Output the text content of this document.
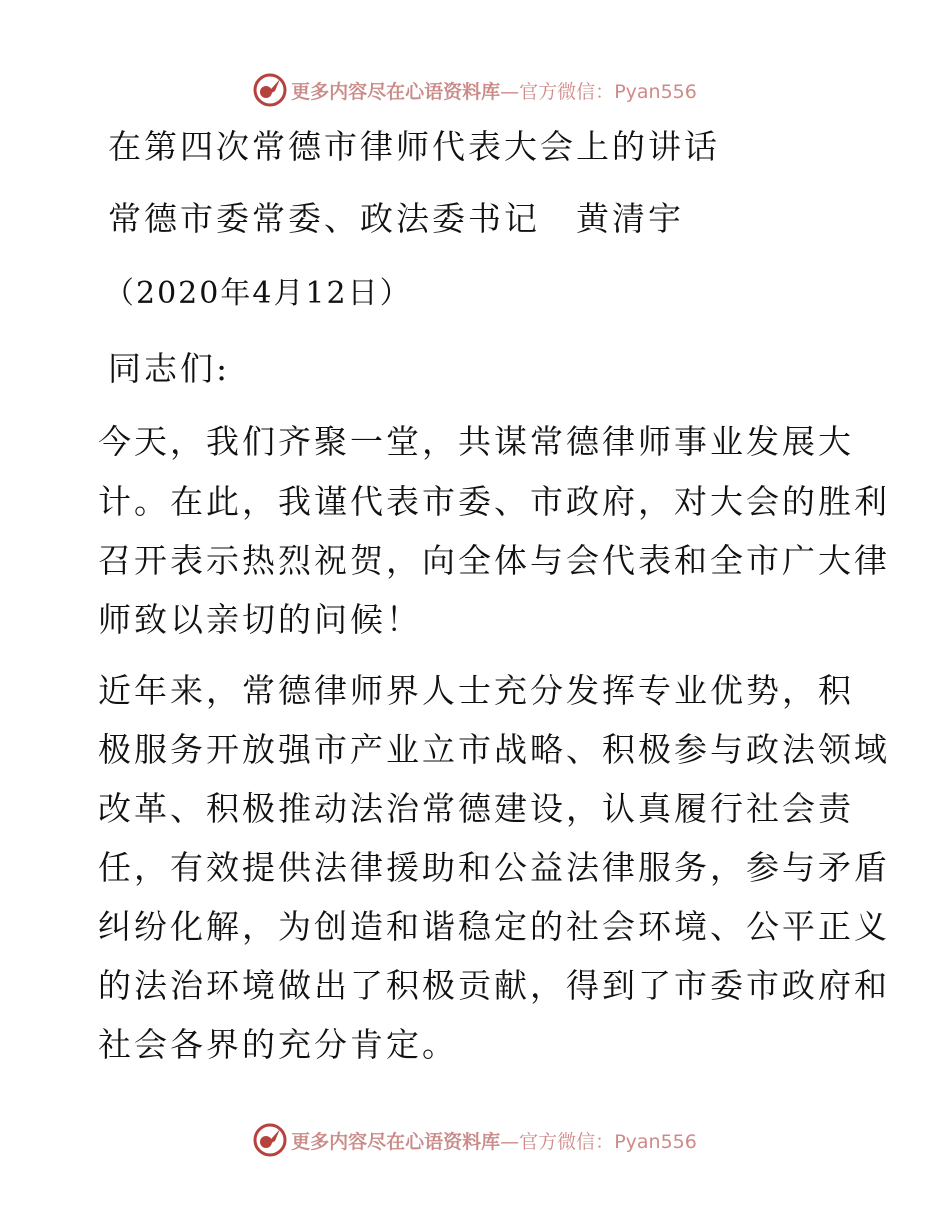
更多内容尽在心语资料库—官方微信：Pyan556
在第四次常德市律师代表大会上的讲话
常德市委常委、政法委书记　黄清宇
（2020年4月12日）
同志们:
今天，我们齐聚一堂，共谋常德律师事业发展大
计。在此，我谨代表市委、市政府，对大会的胜利
召开表示热烈祝贺，向全体与会代表和全市广大律
师致以亲切的问候！
近年来，常德律师界人士充分发挥专业优势，积
极服务开放强市产业立市战略、积极参与政法领域
改革、积极推动法治常德建设，认真履行社会责
任，有效提供法律援助和公益法律服务，参与矛盾
纠纷化解，为创造和谐稳定的社会环境、公平正义
的法治环境做出了积极贡献，得到了市委市政府和
社会各界的充分肯定。
更多内容尽在心语资料库—官方微信：Pyan556
